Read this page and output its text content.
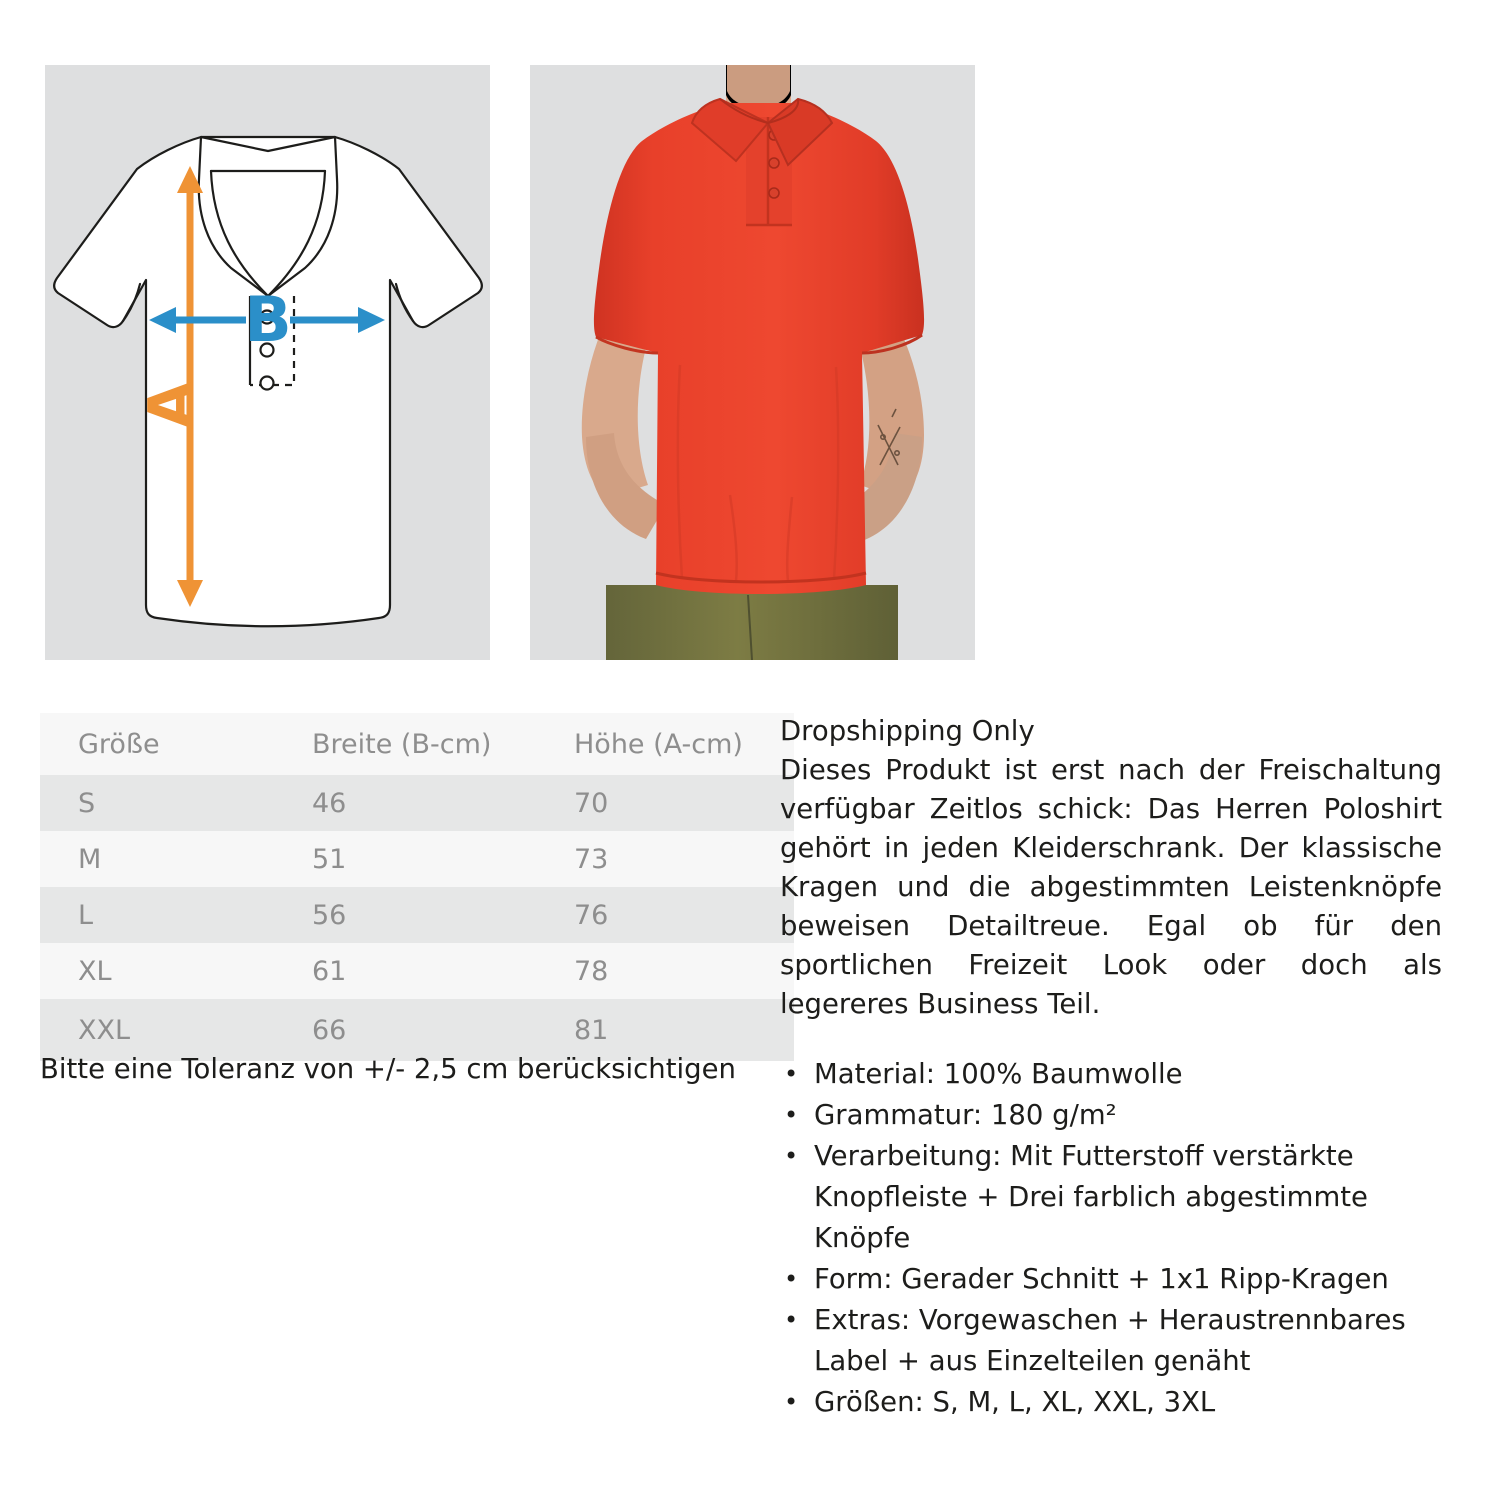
A
B
Größe	Breite (B-cm)	Höhe (A-cm)
S	46	70
M	51	73
L	56	76
XL	61	78
XXL	66	81
Bitte eine Toleranz von +/- 2,5 cm berücksichtigen
Dropshipping Only

Dieses Produkt ist erst nach der Freischaltung verfügbar Zeitlos schick: Das Herren Poloshirt gehört in jeden Kleiderschrank. Der klassische Kragen und die abgestimmten Leistenknöpfe beweisen Detailtreue. Egal ob für den sportlichen Freizeit Look oder doch als legereres Business Teil.

• Material: 100% Baumwolle
• Grammatur: 180 g/m²
• Verarbeitung: Mit Futterstoff verstärkte Knopfleiste + Drei farblich abgestimmte Knöpfe
• Form: Gerader Schnitt + 1x1 Ripp-Kragen
• Extras: Vorgewaschen + Heraustrennbares Label + aus Einzelteilen genäht
• Größen: S, M, L, XL, XXL, 3XL
